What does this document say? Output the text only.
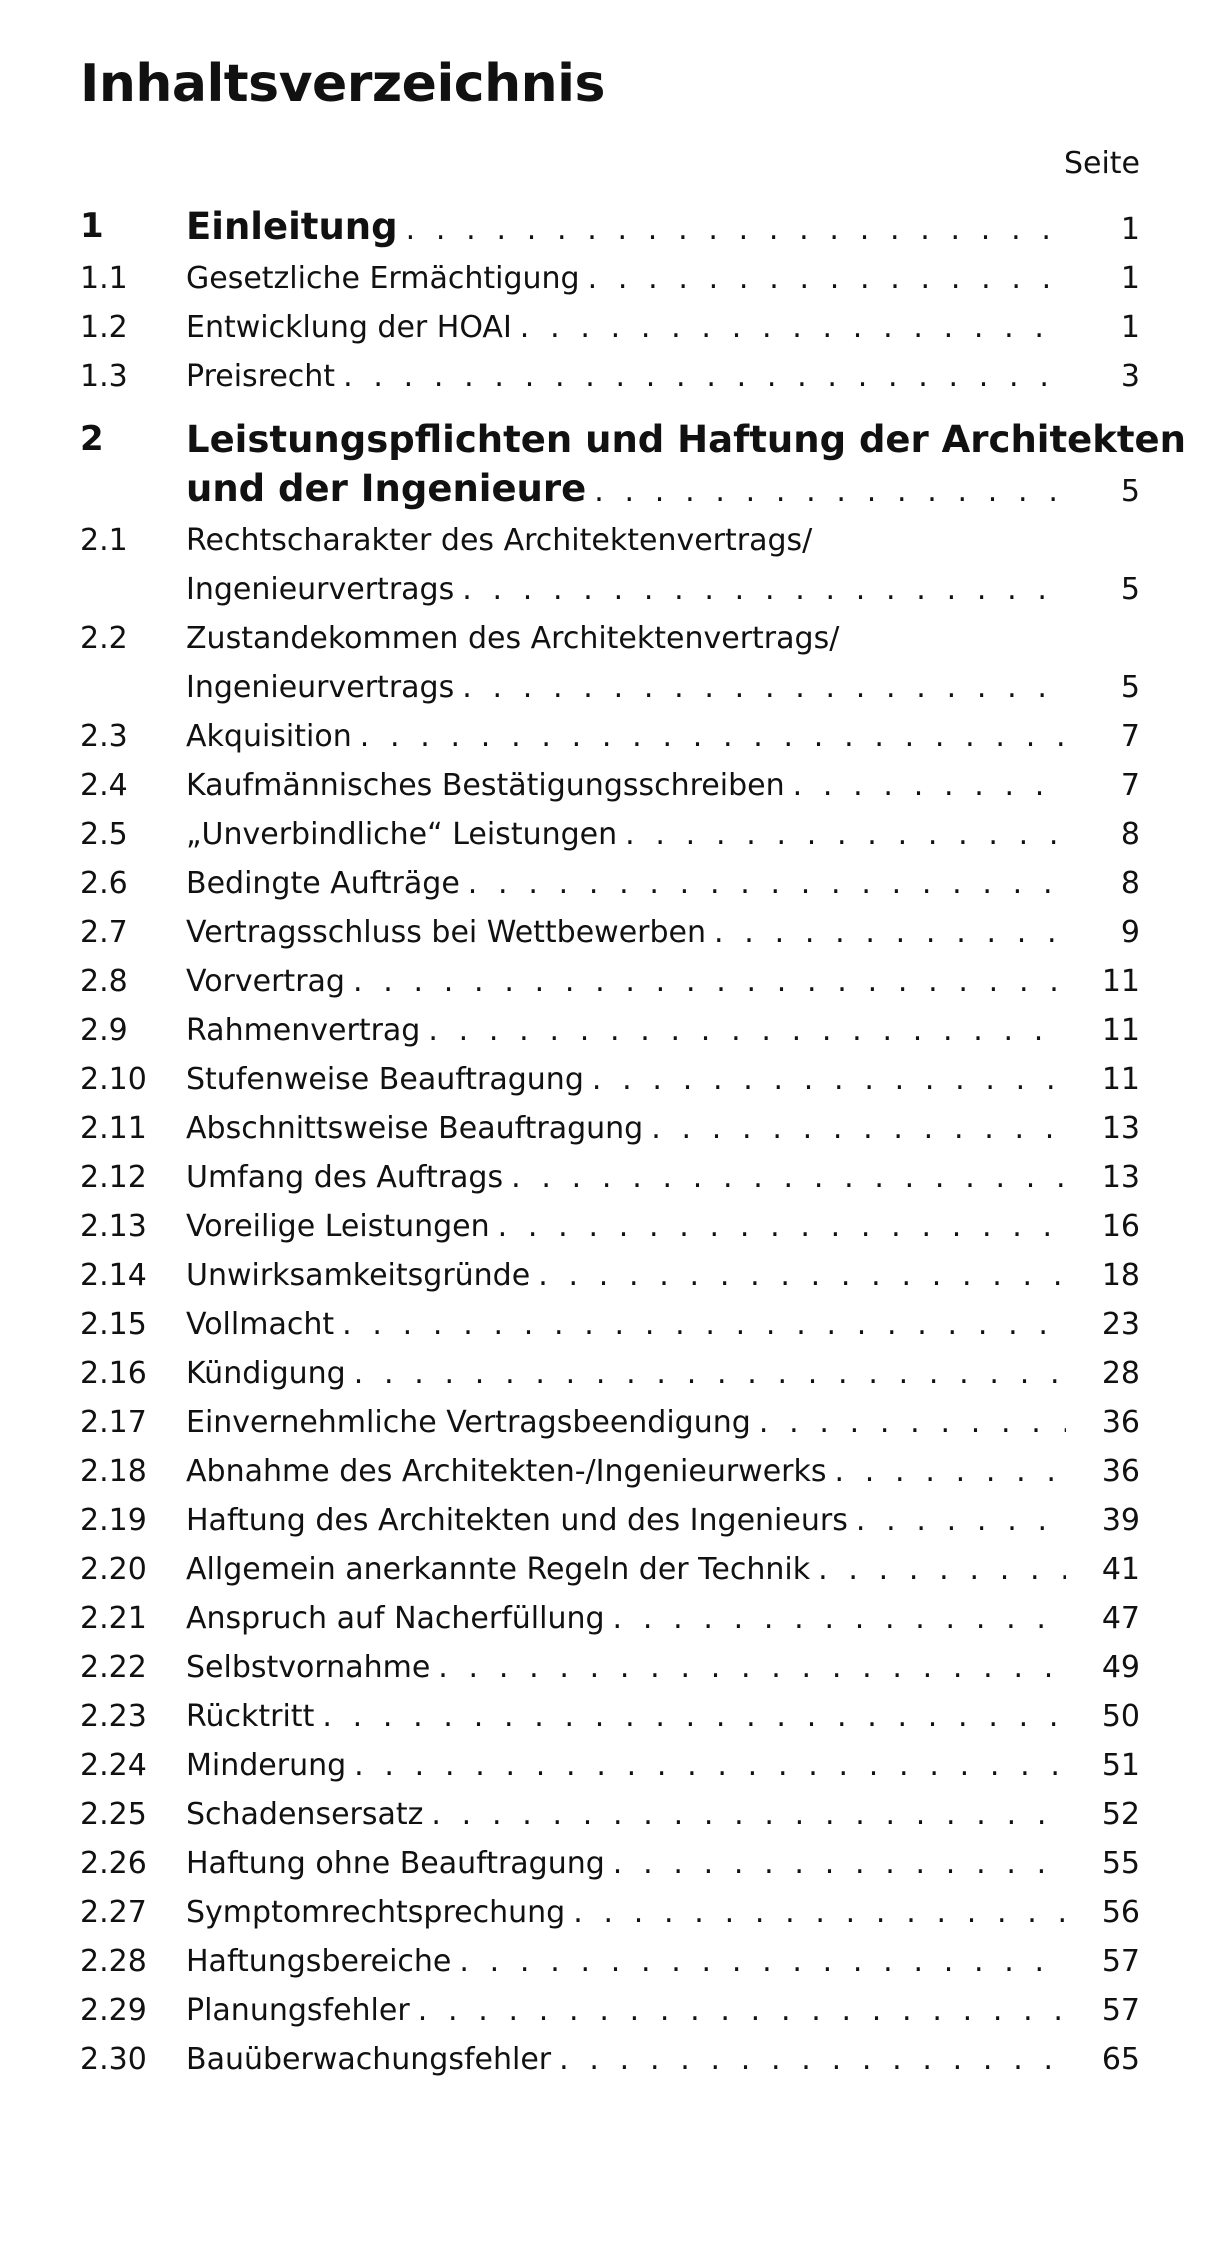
Inhaltsverzeichnis
Seite
1 Einleitung . . .	1
1.1 Gesetzliche Ermächtigung . . .	1
1.2 Entwicklung der HOAI . . .	1
1.3 Preisrecht . . .	3
2 Leistungspflichten und Haftung der Architekten
und der Ingenieure . . .	5
2.1 Rechtscharakter des Architektenvertrags/
Ingenieurvertrags . . .	5
2.2 Zustandekommen des Architektenvertrags/
Ingenieurvertrags . . .	5
2.3 Akquisition . . .	7
2.4 Kaufmännisches Bestätigungsschreiben . . .	7
2.5 „Unverbindliche“ Leistungen . . .	8
2.6 Bedingte Aufträge . . .	8
2.7 Vertragsschluss bei Wettbewerben . . .	9
2.8 Vorvertrag . . .	11
2.9 Rahmenvertrag . . .	11
2.10 Stufenweise Beauftragung . . .	11
2.11 Abschnittsweise Beauftragung . . .	13
2.12 Umfang des Auftrags . . .	13
2.13 Voreilige Leistungen . . .	16
2.14 Unwirksamkeitsgründe . . .	18
2.15 Vollmacht . . .	23
2.16 Kündigung . . .	28
2.17 Einvernehmliche Vertragsbeendigung . . .	36
2.18 Abnahme des Architekten-/Ingenieurwerks . . .	36
2.19 Haftung des Architekten und des Ingenieurs . . .	39
2.20 Allgemein anerkannte Regeln der Technik . . .	41
2.21 Anspruch auf Nacherfüllung . . .	47
2.22 Selbstvornahme . . .	49
2.23 Rücktritt . . .	50
2.24 Minderung . . .	51
2.25 Schadensersatz . . .	52
2.26 Haftung ohne Beauftragung . . .	55
2.27 Symptomrechtsprechung . . .	56
2.28 Haftungsbereiche . . .	57
2.29 Planungsfehler . . .	57
2.30 Bauüberwachungsfehler . . .	65
